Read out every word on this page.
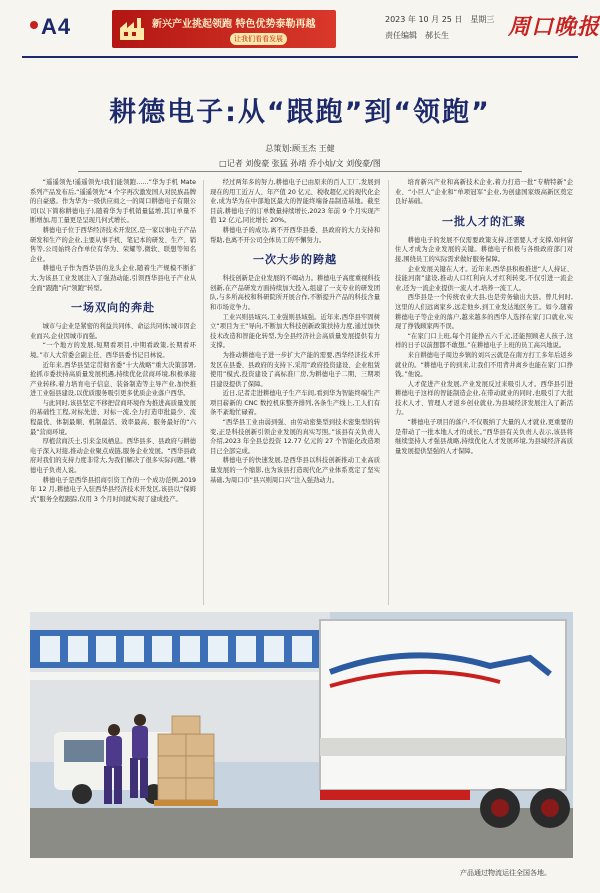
A4	新兴产业挑起领跑 特色优势泰勒再越
让我们看看发展
2023 年 10 月 25 日　星期三
责任编辑　郝长生	周口晚报
耕德电子:从“跟跑”到“领跑”
总策划:顾玉杰 王健
□记者 刘俊豪 张猛 孙靖 乔小灿/文 刘俊豪/图

“遥遥领先!遥遥领先!我们能领跑……”华为手机 Mate 系列产品发布后,“遥遥领先”4 个字再次激发国人对民族品牌的自豪感。作为华为一级供应商之一的周口耕德电子有限公司(以下简称耕德电子),随着华为手机销量猛增,其订单量不断增加,用工量更是呈现几何式增长。

耕德电子位于西华经济技术开发区,是一家以事电子产品研发和生产的企业,主要从事手机、笔记本的研发、生产、销售等,公司始终合作单位有华为、荣耀等,微软、联想等知名企业。

耕德电子作为西华县的龙头企业,随着生产规模不断扩大,为该县工业发展注入了强劲动能,引领西华县电子产业从全面“跟跑”向“领跑”转型。

一场双向的奔赴

城市与企业是紧密的利益共同体、命运共同体;城市因企业而兴,企业因城市而强。

“一个地方的发展,短期看项目,中期看政策,长期看环境。”市人大常委会副主任、西华县委书记目林说。

近年来,西华县坚定贯彻省委“十大战略”重大决策部署,抢抓市委扶持高质量发展机遇,持续优化营商环境,积极承接产业转移,着力培育电子信息、装备制造等主导产业,加快推进工业强县建设,以优质服务吸引更多优质企业落户西华。

与此同时,该县坚定不移把营商环境作为推进高质量发展的基础性工程,对标先进、对标一流,全力打造审批最少、流程最优、体制最顺、机制最活、效率最高、服务最好的“六最”营商环境。

厚植营商沃土,引来金凤栖息。西华县多、县政府与耕德电子深入对接,推动企业聚点成链,服务企业发展。“西华县政府对我们的支持力度非常大,为我们解决了很多实际问题。”耕德电子负责人说。

耕德电子是西华县招商引资工作的一个成功范例,2019 年 12 月,耕德电子入驻西华县经济技术开发区,该县以“保姆式”服务全程跟踪,仅用 3 个月时间就实现了建成投产。

经过两年多的努力,耕德电子已由原来的百人工厂,发展到现在的用工近万人、年产值 20 亿元、税收超亿元的现代化企业,成为华为在中部地区最大的智能终端备品制造基地。截至目前,耕德电子的订单数量持续增长,2023 年前 9 个月实现产值 12 亿元,同比增长 20%。

耕德电子的成功,离不开西华县委、县政府的大力支持和帮助,也离不开公司全体员工的不懈努力。

一次大步的跨越

科技创新是企业发展的不竭动力。耕德电子高度重视科技创新,在产品研发方面持续加大投入,组建了一支专业的研发团队,与多所高校和科研院所开展合作,不断提升产品的科技含量和市场竞争力。

工业兴则县域兴,工业强则县域强。近年来,西华县牢固树立“项目为王”导向,不断加大科技创新政策扶持力度,通过加快技术改造和智能化转型,为全县经济社会高质量发展提供有力支撑。

为推动耕德电子进一步扩大产能的需要,西华经济技术开发区在县委、县政府的支持下,采用“政府投资建设、企业租赁使用”模式,投资建设了高标准厂房,为耕德电子二期、三期项目建设提供了保障。

近日,记者走进耕德电子生产车间,看到华为智能终端生产项目崭新的 CNC 数控机床整齐排列,各条生产线上,工人们有条不紊地忙碌着。

“西华县工业由弱到强、由劳动密集型到技术密集型的转变,正是科技创新引领企业发展的真实写照。”该县有关负责人介绍,2023 年全县总投资 12.77 亿元的 27 个智能化改造项目已全部完成。

耕德电子的快速发展,是西华县以科技创新推动工业高质量发展的一个缩影,也为该县打造现代化产业体系奠定了坚实基础,为周口市“县兴则周口兴”注入强劲动力。

培育新兴产业和高新技术企业,着力打造一批“专精特新”企业、“小巨人”企业和“单项冠军”企业,为创建国家级高新区奠定良好基础。

一批人才的汇聚

耕德电子的发展不仅需要政策支持,还需要人才支撑,如何留住人才成为企业发展的关键。耕德电子积极与各级政府部门对接,围绕员工的实际需求做好服务保障。

企业发展关键在人才。近年来,西华县积极推进“人人持证、技能河南”建设,推动人口红利向人才红利转变,不仅引进一流企业,还为一流企业提供一流人才,培养一流工人。

西华县是一个传统农业大县,也是劳务输出大县。曾几何时,这里的人们远离家乡,远走他乡,到工业发达地区务工。如今,随着耕德电子等企业的落户,越来越多的西华人选择在家门口就业,实现了挣钱顾家两不误。

“在家门口上班,每个月能挣五六千元,还能照顾老人孩子,这样的日子以前想都不敢想。”在耕德电子上班的员工高兴地说。

来自耕德电子周边乡镇的刘兴云就是在南方打工多年后返乡就业的。“耕德电子的到来,让我们不用背井离乡也能在家门口挣钱。”他说。

人才促进产业发展,产业发展反过来吸引人才。西华县引进耕德电子这样的智能制造企业,在带动就业的同时,也吸引了大批技术人才、管理人才返乡创业就业,为县域经济发展注入了新活力。

“耕德电子项目的落户,不仅吸纳了大量的人才就业,更重要的是带动了一批本地人才的成长。”西华县有关负责人表示,该县将继续坚持人才强县战略,持续优化人才发展环境,为县域经济高质量发展提供坚强的人才保障。

产品通过物流运往全国各地。
